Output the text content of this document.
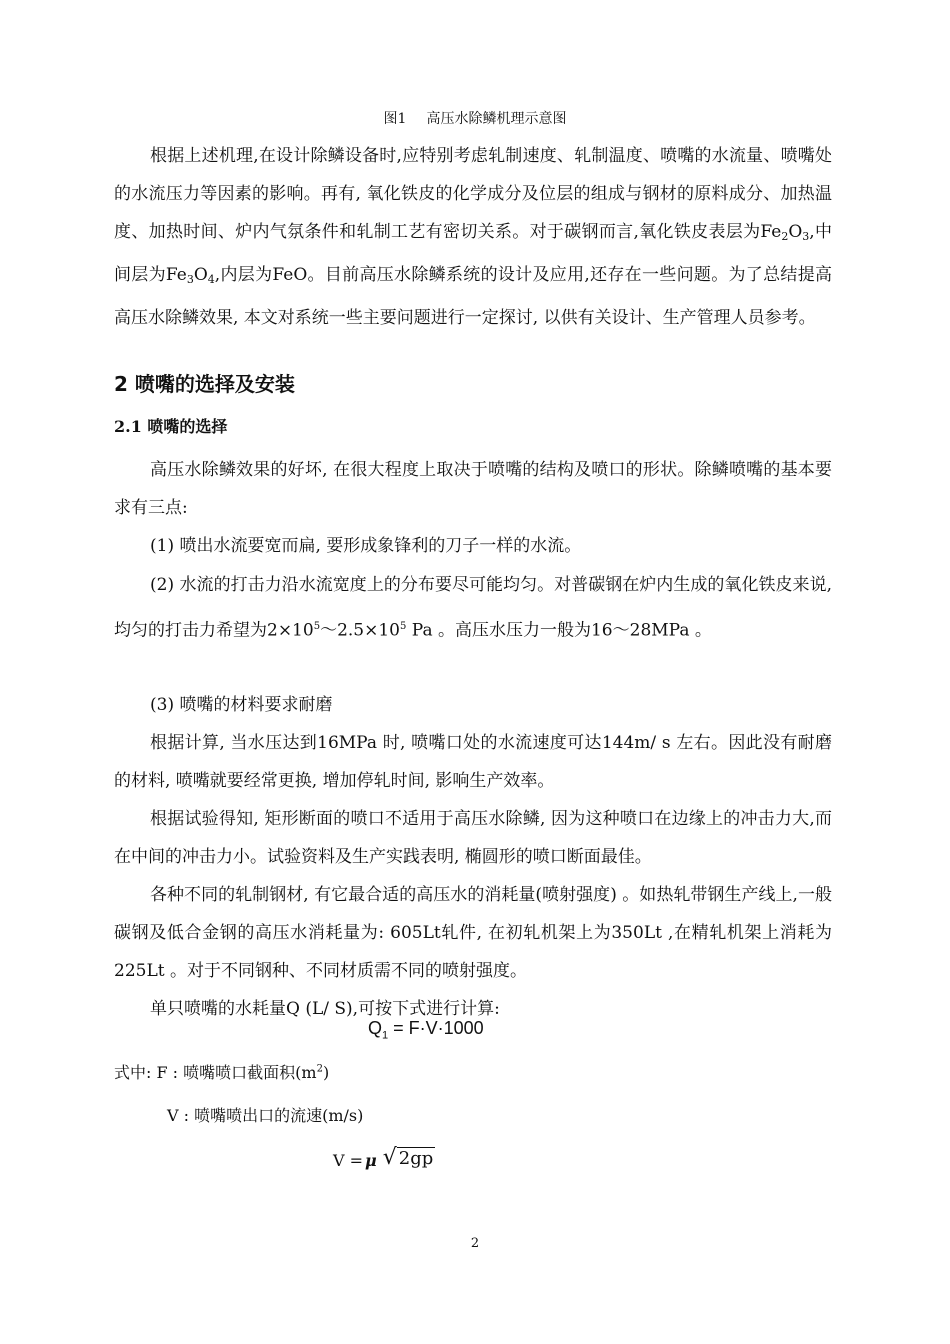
图1 高压水除鳞机理示意图

根据上述机理,在设计除鳞设备时,应特别考虑轧制速度、轧制温度、喷嘴的水流量、喷嘴处的水流压力等因素的影响。再有, 氧化铁皮的化学成分及位层的组成与钢材的原料成分、加热温度、加热时间、炉内气氛条件和轧制工艺有密切关系。对于碳钢而言,氧化铁皮表层为$Fe_2O_3$,中间层为$Fe_3O_4$,内层为FeO。目前高压水除鳞系统的设计及应用,还存在一些问题。为了总结提高高压水除鳞效果, 本文对系统一些主要问题进行一定探讨, 以供有关设计、生产管理人员参考。

2 喷嘴的选择及安装
2.1 喷嘴的选择

高压水除鳞效果的好坏, 在很大程度上取决于喷嘴的结构及喷口的形状。除鳞喷嘴的基本要求有三点:

(1) 喷出水流要宽而扁, 要形成象锋利的刀子一样的水流。

(2) 水流的打击力沿水流宽度上的分布要尽可能均匀。对普碳钢在炉内生成的氧化铁皮来说, 均匀的打击力希望为$2\times 10^5\sim 2.5\times 10^5$ Pa 。高压水压力一般为16～28MPa 。

(3) 喷嘴的材料要求耐磨

根据计算, 当水压达到16MPa 时, 喷嘴口处的水流速度可达144m/ s 左右。因此没有耐磨的材料, 喷嘴就要经常更换, 增加停轧时间, 影响生产效率。

根据试验得知, 矩形断面的喷口不适用于高压水除鳞, 因为这种喷口在边缘上的冲击力大,而在中间的冲击力小。试验资料及生产实践表明, 椭圆形的喷口断面最佳。

各种不同的轧制钢材, 有它最合适的高压水的消耗量(喷射强度) 。如热轧带钢生产线上,一般碳钢及低合金钢的高压水消耗量为: 605Lt轧件, 在初轧机架上为350Lt ,在精轧机架上消耗为225Lt 。对于不同钢种、不同材质需不同的喷射强度。

单只喷嘴的水耗量Q (L/ S),可按下式进行计算:

$Q_1 = F\cdot V\cdot 1000$

式中: F : 喷嘴喷口截面积$(m^2)$

V : 喷嘴喷出口的流速(m/s)

V = μ √ 2gp
2
